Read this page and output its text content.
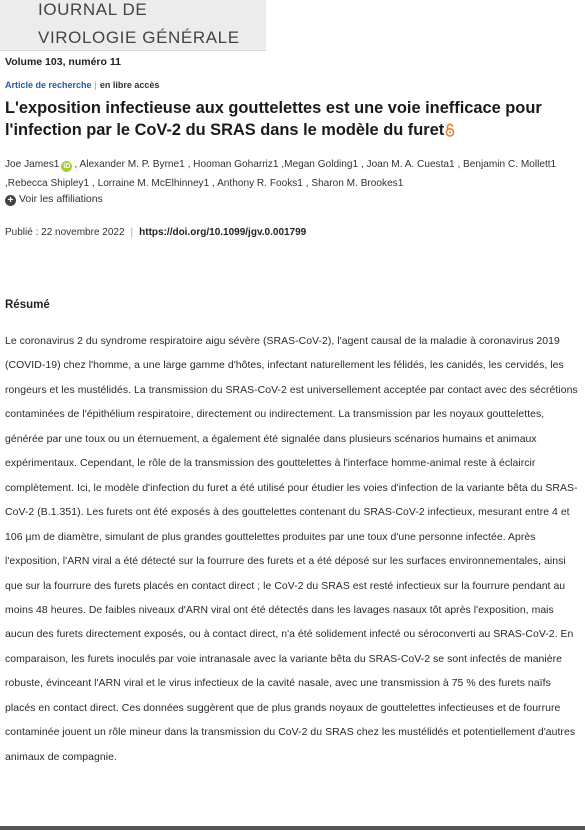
IOURNAL DE
VIROLOGIE GÉNÉRALE
Volume 103, numéro 11
Article de recherche | en libre accès
L'exposition infectieuse aux gouttelettes est une voie inefficace pour l'infection par le CoV-2 du SRAS dans le modèle du furet
Joe James1 iD , Alexander M. P. Byrne1 , Hooman Goharriz1 ,Megan Golding1 , Joan M. A. Cuesta1 , Benjamin C. Mollett1 ,Rebecca Shipley1 , Lorraine M. McElhinney1 , Anthony R. Fooks1 , Sharon M. Brookes1
+ Voir les affiliations
Publié : 22 novembre 2022 | https://doi.org/10.1099/jgv.0.001799
Résumé

Le coronavirus 2 du syndrome respiratoire aigu sévère (SRAS-CoV-2), l'agent causal de la maladie à coronavirus 2019 (COVID-19) chez l'homme, a une large gamme d'hôtes, infectant naturellement les félidés, les canidés, les cervidés, les rongeurs et les mustélidés. La transmission du SRAS-CoV-2 est universellement acceptée par contact avec des sécrétions contaminées de l'épithélium respiratoire, directement ou indirectement. La transmission par les noyaux gouttelettes, générée par une toux ou un éternuement, a également été signalée dans plusieurs scénarios humains et animaux expérimentaux. Cependant, le rôle de la transmission des gouttelettes à l'interface homme-animal reste à éclaircir complètement. Ici, le modèle d'infection du furet a été utilisé pour étudier les voies d'infection de la variante bêta du SRAS-CoV-2 (B.1.351). Les furets ont été exposés à des gouttelettes contenant du SRAS-CoV-2 infectieux, mesurant entre 4 et 106 µm de diamètre, simulant de plus grandes gouttelettes produites par une toux d'une personne infectée. Après l'exposition, l'ARN viral a été détecté sur la fourrure des furets et a été déposé sur les surfaces environnementales, ainsi que sur la fourrure des furets placés en contact direct ; le CoV-2 du SRAS est resté infectieux sur la fourrure pendant au moins 48 heures. De faibles niveaux d'ARN viral ont été détectés dans les lavages nasaux tôt après l'exposition, mais aucun des furets directement exposés, ou à contact direct, n'a été solidement infecté ou séroconverti au SRAS-CoV-2. En comparaison, les furets inoculés par voie intranasale avec la variante bêta du SRAS-CoV-2 se sont infectés de manière robuste, évinceant l'ARN viral et le virus infectieux de la cavité nasale, avec une transmission à 75 % des furets naïfs placés en contact direct. Ces données suggèrent que de plus grands noyaux de gouttelettes infectieuses et de fourrure contaminée jouent un rôle mineur dans la transmission du CoV-2 du SRAS chez les mustélidés et potentiellement d'autres animaux de compagnie.
